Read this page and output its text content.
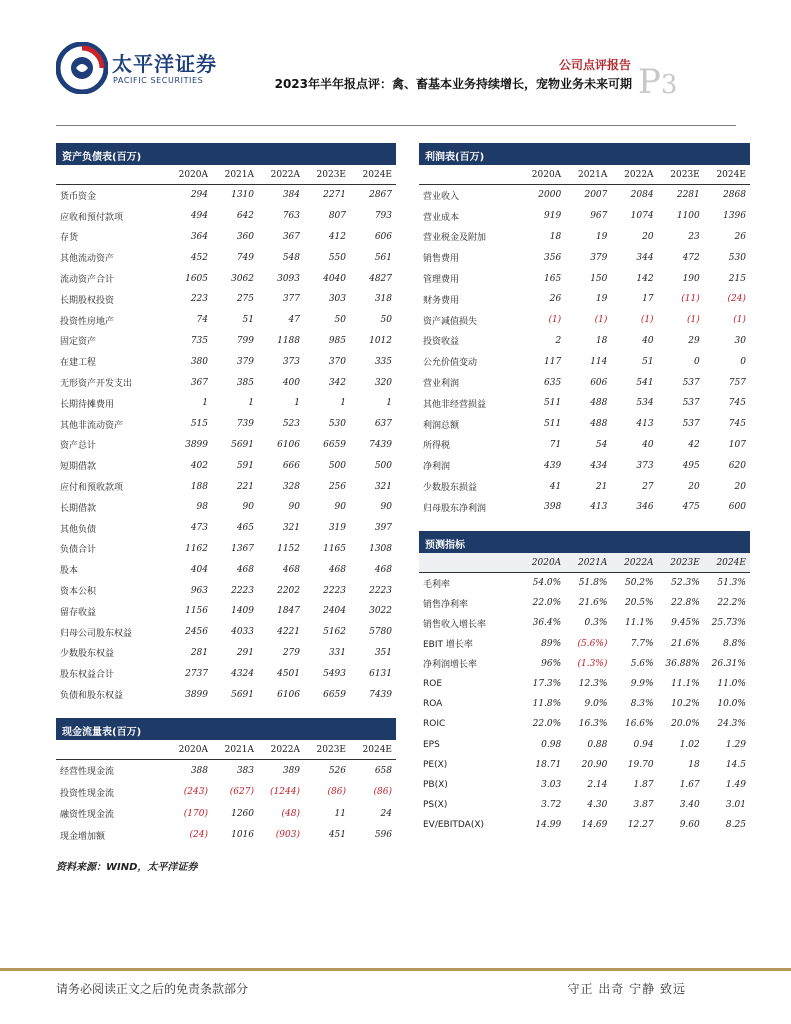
太平洋证券
PACIFIC SECURITIES
公司点评报告
2023年半年报点评：禽、畜基本业务持续增长，宠物业务未来可期 P3
资产负债表(百万)
2020A	2021A	2022A	2023E	2024E
货币资金	294	1310	384	2271	2867
应收和预付款项	494	642	763	807	793
存货	364	360	367	412	606
其他流动资产	452	749	548	550	561
流动资产合计	1605	3062	3093	4040	4827
长期股权投资	223	275	377	303	318
投资性房地产	74	51	47	50	50
固定资产	735	799	1188	985	1012
在建工程	380	379	373	370	335
无形资产开发支出	367	385	400	342	320
长期待摊费用	1	1	1	1	1
其他非流动资产	515	739	523	530	637
资产总计	3899	5691	6106	6659	7439
短期借款	402	591	666	500	500
应付和预收款项	188	221	328	256	321
长期借款	98	90	90	90	90
其他负债	473	465	321	319	397
负债合计	1162	1367	1152	1165	1308
股本	404	468	468	468	468
资本公积	963	2223	2202	2223	2223
留存收益	1156	1409	1847	2404	3022
归母公司股东权益	2456	4033	4221	5162	5780
少数股东权益	281	291	279	331	351
股东权益合计	2737	4324	4501	5493	6131
负债和股东权益	3899	5691	6106	6659	7439
现金流量表(百万)
2020A	2021A	2022A	2023E	2024E
经营性现金流	388	383	389	526	658
投资性现金流	(243)	(627)	(1244)	(86)	(86)
融资性现金流	(170)	1260	(48)	11	24
现金增加额	(24)	1016	(903)	451	596
利润表(百万)
2020A	2021A	2022A	2023E	2024E
营业收入	2000	2007	2084	2281	2868
营业成本	919	967	1074	1100	1396
营业税金及附加	18	19	20	23	26
销售费用	356	379	344	472	530
管理费用	165	150	142	190	215
财务费用	26	19	17	(11)	(24)
资产减值损失	(1)	(1)	(1)	(1)	(1)
投资收益	2	18	40	29	30
公允价值变动	117	114	51	0	0
营业利润	635	606	541	537	757
其他非经营损益	511	488	534	537	745
利润总额	511	488	413	537	745
所得税	71	54	40	42	107
净利润	439	434	373	495	620
少数股东损益	41	21	27	20	20
归母股东净利润	398	413	346	475	600
预测指标
2020A	2021A	2022A	2023E	2024E
毛利率	54.0%	51.8%	50.2%	52.3%	51.3%
销售净利率	22.0%	21.6%	20.5%	22.8%	22.2%
销售收入增长率	36.4%	0.3%	11.1%	9.45%	25.73%
EBIT 增长率	89%	(5.6%)	7.7%	21.6%	8.8%
净利润增长率	96%	(1.3%)	5.6%	36.88%	26.31%
ROE	17.3%	12.3%	9.9%	11.1%	11.0%
ROA	11.8%	9.0%	8.3%	10.2%	10.0%
ROIC	22.0%	16.3%	16.6%	20.0%	24.3%
EPS	0.98	0.88	0.94	1.02	1.29
PE(X)	18.71	20.90	19.70	18	14.5
PB(X)	3.03	2.14	1.87	1.67	1.49
PS(X)	3.72	4.30	3.87	3.40	3.01
EV/EBITDA(X)	14.99	14.69	12.27	9.60	8.25
资料来源：WIND，太平洋证券
请务必阅读正文之后的免责条款部分	守正 出奇 宁静 致远
